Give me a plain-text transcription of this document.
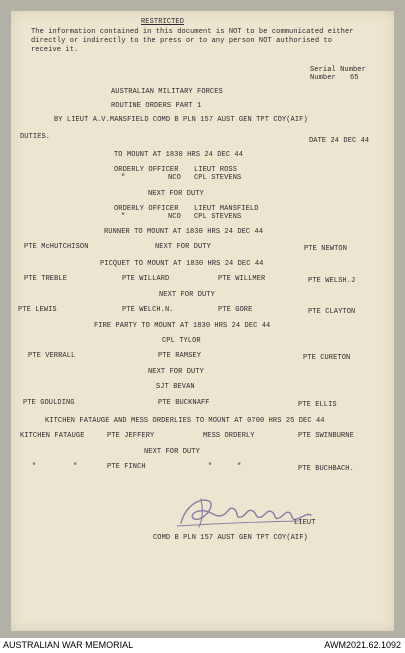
RESTRICTED
The information contained in this document is NOT to be communicated either
directly or indirectly to the press or to any person NOT authorised to
receive it.
Serial Number
Number 65
AUSTRALIAN MILITARY FORCES
ROUTINE ORDERS PART 1
BY LIEUT A.V.MANSFIELD COMD B PLN 157 AUST GEN TPT COY(AIF)
DUTIES.	DATE 24 DEC 44
TO MOUNT AT 1830 HRS 24 DEC 44
ORDERLY OFFICER LIEUT ROSS
"	NCO CPL STEVENS
NEXT FOR DUTY
ORDERLY OFFICER LIEUT MANSFIELD
"	NCO CPL STEVENS
RUNNER TO MOUNT AT 1830 HRS 24 DEC 44
PTE McHUTCHISON	NEXT FOR DUTY	PTE NEWTON
PICQUET TO MOUNT AT 1830 HRS 24 DEC 44
PTE TREBLE	PTE WILLARD	PTE WILLMER	PTE WELSH.J
NEXT FOR DUTY
PTE LEWIS	PTE WELCH.N.	PTE GORE	PTE CLAYTON
FIRE PARTY TO MOUNT AT 1830 HRS 24 DEC 44
CPL TYLOR
PTE VERRALL	PTE RAMSEY	PTE CURETON
NEXT FOR DUTY
SJT BEVAN
PTE GOULDING	PTE BUCKNAFF	PTE ELLIS
KITCHEN FATAUGE AND MESS ORDERLIES TO MOUNT AT 0700 HRS 25 DEC 44
KITCHEN FATAUGE	PTE JEFFERY	MESS ORDERLY	PTE SWINBURNE
NEXT FOR DUTY
"	"	PTE FINCH	"	"	PTE BUCHBACH.
LIEUT
COMD B PLN 157 AUST GEN TPT COY(AIF)
AUSTRALIAN WAR MEMORIAL	AWM2021.62.1092
